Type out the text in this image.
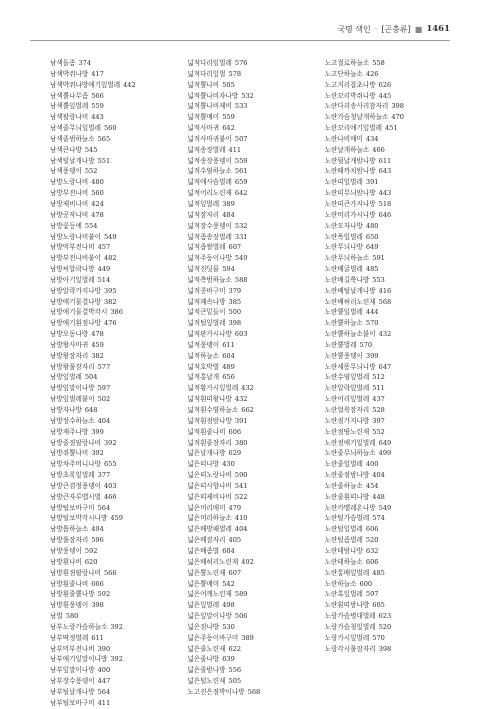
국명 색인 · [곤충류] ■ 1461
남색돌좀 374
남색박쥐나방 417
남색박쥐나방애기잎벌레 442
남색뿔나무좀 566
남색뿔잎벌레 559
남색팔랑나비 443
남색줄무늬잎벌레 560
남색줄범하늘소 565
남색큰나방 545
남색털날개나방 551
남색풍뎅이 552
남방노랑나비 480
남방부전나비 560
남방제비나비 424
남방공작나비 478
남방꽃등에 554
남방노랑나비붙이 549
남방먹부전나비 457
남방부전나비붙이 482
남방씨알락나방 449
남방아기잎벌레 514
남방알락가지나방 395
남방애기물결나방 382
남방애기물결박각시 386
남방애기흰점나방 476
남방오동나방 478
남방왕사마귀 459
남방왕잠자리 382
남방왕풀잠자리 577
남방잎벌레 504
남방잎말이나방 597
남방잎벌레붙이 502
남방자나방 648
남방장수하늘소 404
남방재주나방 399
남방줄점팔랑나비 392
남방쥐뿔나비 392
남방차주머니나방 655
남방초록잎벌레 377
남방큰검정풍뎅이 403
남방큰자루맵시벌 466
남방털보바구미 564
남방털보박각시나방 459
남방톱하늘소 494
남방풀잠자리 596
남방풍뎅이 592
남방흰나비 620
남방흰점팔랑나비 566
남방흰줄나비 666
남방흰줄뿔나방 592
남방흰풍뎅이 398
남벌 580
남부노랑가슴하늘소 392
남부딱정벌레 611
남부먹부전나비 390
남부애기잎말이나방 392
남부잎말이나방 400
남부장수풍뎅이 447
남부털날개나방 564
남부털보바구미 411
넓적다리잎벌레 576
넓적다리잎벌 578
넓적뿔나비 505
넓적뿔나비자나방 532
넓적뿔나비제비 533
넓적뿔매미 559
넓적사마귀 642
넓적사마귀붙이 507
넓적송장벌레 411
넓적송장풍뎅이 559
넓적수염하늘소 561
넓적애사슴벌레 659
넓적어리노린재 642
넓적잎벌레 389
넓적잠자리 484
넓적장수풍뎅이 532
넓적좀송장벌레 331
넓적좁쌀벌레 607
넓적주둥이나방 549
넓적진딧물 594
넓적측범하늘소 588
넓적콩바구미 379
넓적쾌속나방 385
넓적큰밑들이 500
넓적털잎벌레 398
넓적판가시나방 603
넓적풍뎅이 611
넓적하늘소 604
넓적호박벌 489
넓적홍날개 656
넓적황가시잎벌레 432
넓적흰띠왕나방 432
넓적흰수염하늘소 662
넓적흰점밤나방 391
넓적흰줄나비 606
넓적흰줄잠자리 380
넓은날개나방 629
넓은띠나방 430
넓은띠노랑나비 590
넓은띠사향나비 541
넓은띠제비나비 522
넓은머리매미 479
넓은머리하늘소 410
넓은배방패벌레 404
넓은배잠자리 405
넓은배좀벌 604
넓은배허리노린재 492
넓은뿔노린재 607
넓은뿔매미 542
넓은어깨노린재 589
넓은잎벌레 498
넓은잎말이나방 506
넓은점나방 530
넓은주둥이바구미 389
넓은줄노린재 622
넓은줄나방 639
넓은줄밤나방 556
넓은털노린재 505
노고진은점박이나방 568
노고절로하늘소 558
노고단하늘소 426
노고지리잡초나방 626
노란꼬리박쥐나방 445
노란다리송사리잠자리 398
노란가슴청날개하늘소 470
노란꼬리애기잎벌레 451
노란나비매미 434
노란날개하늘소 466
노란뒷날개밤나방 611
노란때까치밤나방 643
노란띠잎벌레 391
노란띠무늬밤나방 443
노란띠큰가지나방 518
노란머리가시나방 646
노란모자나방 480
노란목잎벌레 650
노란무늬나방 649
노란무늬하늘소 591
노란배굴벌레 485
노란배길쭉나방 553
노란배털날개나방 416
노란배허리노린재 568
노란뿔잎벌레 444
노란뿔하늘소 570
노란뿔하늘소붙이 432
노란뿔벌레 570
노란뿔풍뎅이 399
노란새똥무늬나방 647
노란수염잎벌레 512
노란알락잎벌레 511
노란어리잎벌레 437
노란얼룩잠자리 528
노란점가지나방 397
노란점땅노린재 552
노란점애기잎벌레 649
노란줄무늬하늘소 499
노란줄잎벌레 400
노란줄점밤나방 404
노란줄하늘소 454
노란줄흰띠나방 448
노란카멜레온나방 549
노란털가슴벌레 574
노란털잎벌레 606
노란털좀벌레 520
노란테밤나방 632
노란테하늘소 606
노란통배잎벌레 485
노란하늘소 600
노란혹잎벌레 597
노란흰띠밤나방 605
노랑가슴병대벌레 623
노랑가슴청잎벌레 520
노랑가시잎벌레 570
노랑각시풀잠자리 398
